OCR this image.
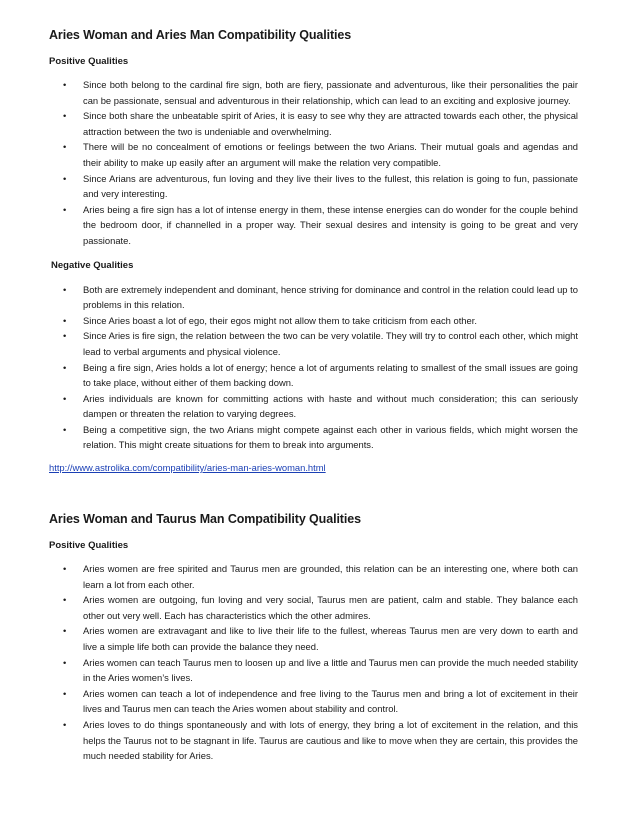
Aries Woman and Aries Man Compatibility Qualities

Positive Qualities

• Since both belong to the cardinal fire sign, both are fiery, passionate and adventurous, like their personalities the pair can be passionate, sensual and adventurous in their relationship, which can lead to an exciting and explosive journey.
• Since both share the unbeatable spirit of Aries, it is easy to see why they are attracted towards each other, the physical attraction between the two is undeniable and overwhelming.
• There will be no concealment of emotions or feelings between the two Arians. Their mutual goals and agendas and their ability to make up easily after an argument will make the relation very compatible.
• Since Arians are adventurous, fun loving and they live their lives to the fullest, this relation is going to fun, passionate and very interesting.
• Aries being a fire sign has a lot of intense energy in them, these intense energies can do wonder for the couple behind the bedroom door, if channelled in a proper way. Their sexual desires and intensity is going to be great and very passionate.

Negative Qualities

• Both are extremely independent and dominant, hence striving for dominance and control in the relation could lead up to problems in this relation.
• Since Aries boast a lot of ego, their egos might not allow them to take criticism from each other.
• Since Aries is fire sign, the relation between the two can be very volatile. They will try to control each other, which might lead to verbal arguments and physical violence.
• Being a fire sign, Aries holds a lot of energy; hence a lot of arguments relating to smallest of the small issues are going to take place, without either of them backing down.
• Aries individuals are known for committing actions with haste and without much consideration; this can seriously dampen or threaten the relation to varying degrees.
• Being a competitive sign, the two Arians might compete against each other in various fields, which might worsen the relation. This might create situations for them to break into arguments.

http://www.astrolika.com/compatibility/aries-man-aries-woman.html

Aries Woman and Taurus Man Compatibility Qualities

Positive Qualities

• Aries women are free spirited and Taurus men are grounded, this relation can be an interesting one, where both can learn a lot from each other.
• Aries women are outgoing, fun loving and very social, Taurus men are patient, calm and stable. They balance each other out very well. Each has characteristics which the other admires.
• Aries women are extravagant and like to live their life to the fullest, whereas Taurus men are very down to earth and live a simple life both can provide the balance they need.
• Aries women can teach Taurus men to loosen up and live a little and Taurus men can provide the much needed stability in the Aries women’s lives.
• Aries women can teach a lot of independence and free living to the Taurus men and bring a lot of excitement in their lives and Taurus men can teach the Aries women about stability and control.
• Aries loves to do things spontaneously and with lots of energy, they bring a lot of excitement in the relation, and this helps the Taurus not to be stagnant in life. Taurus are cautious and like to move when they are certain, this provides the much needed stability for Aries.
